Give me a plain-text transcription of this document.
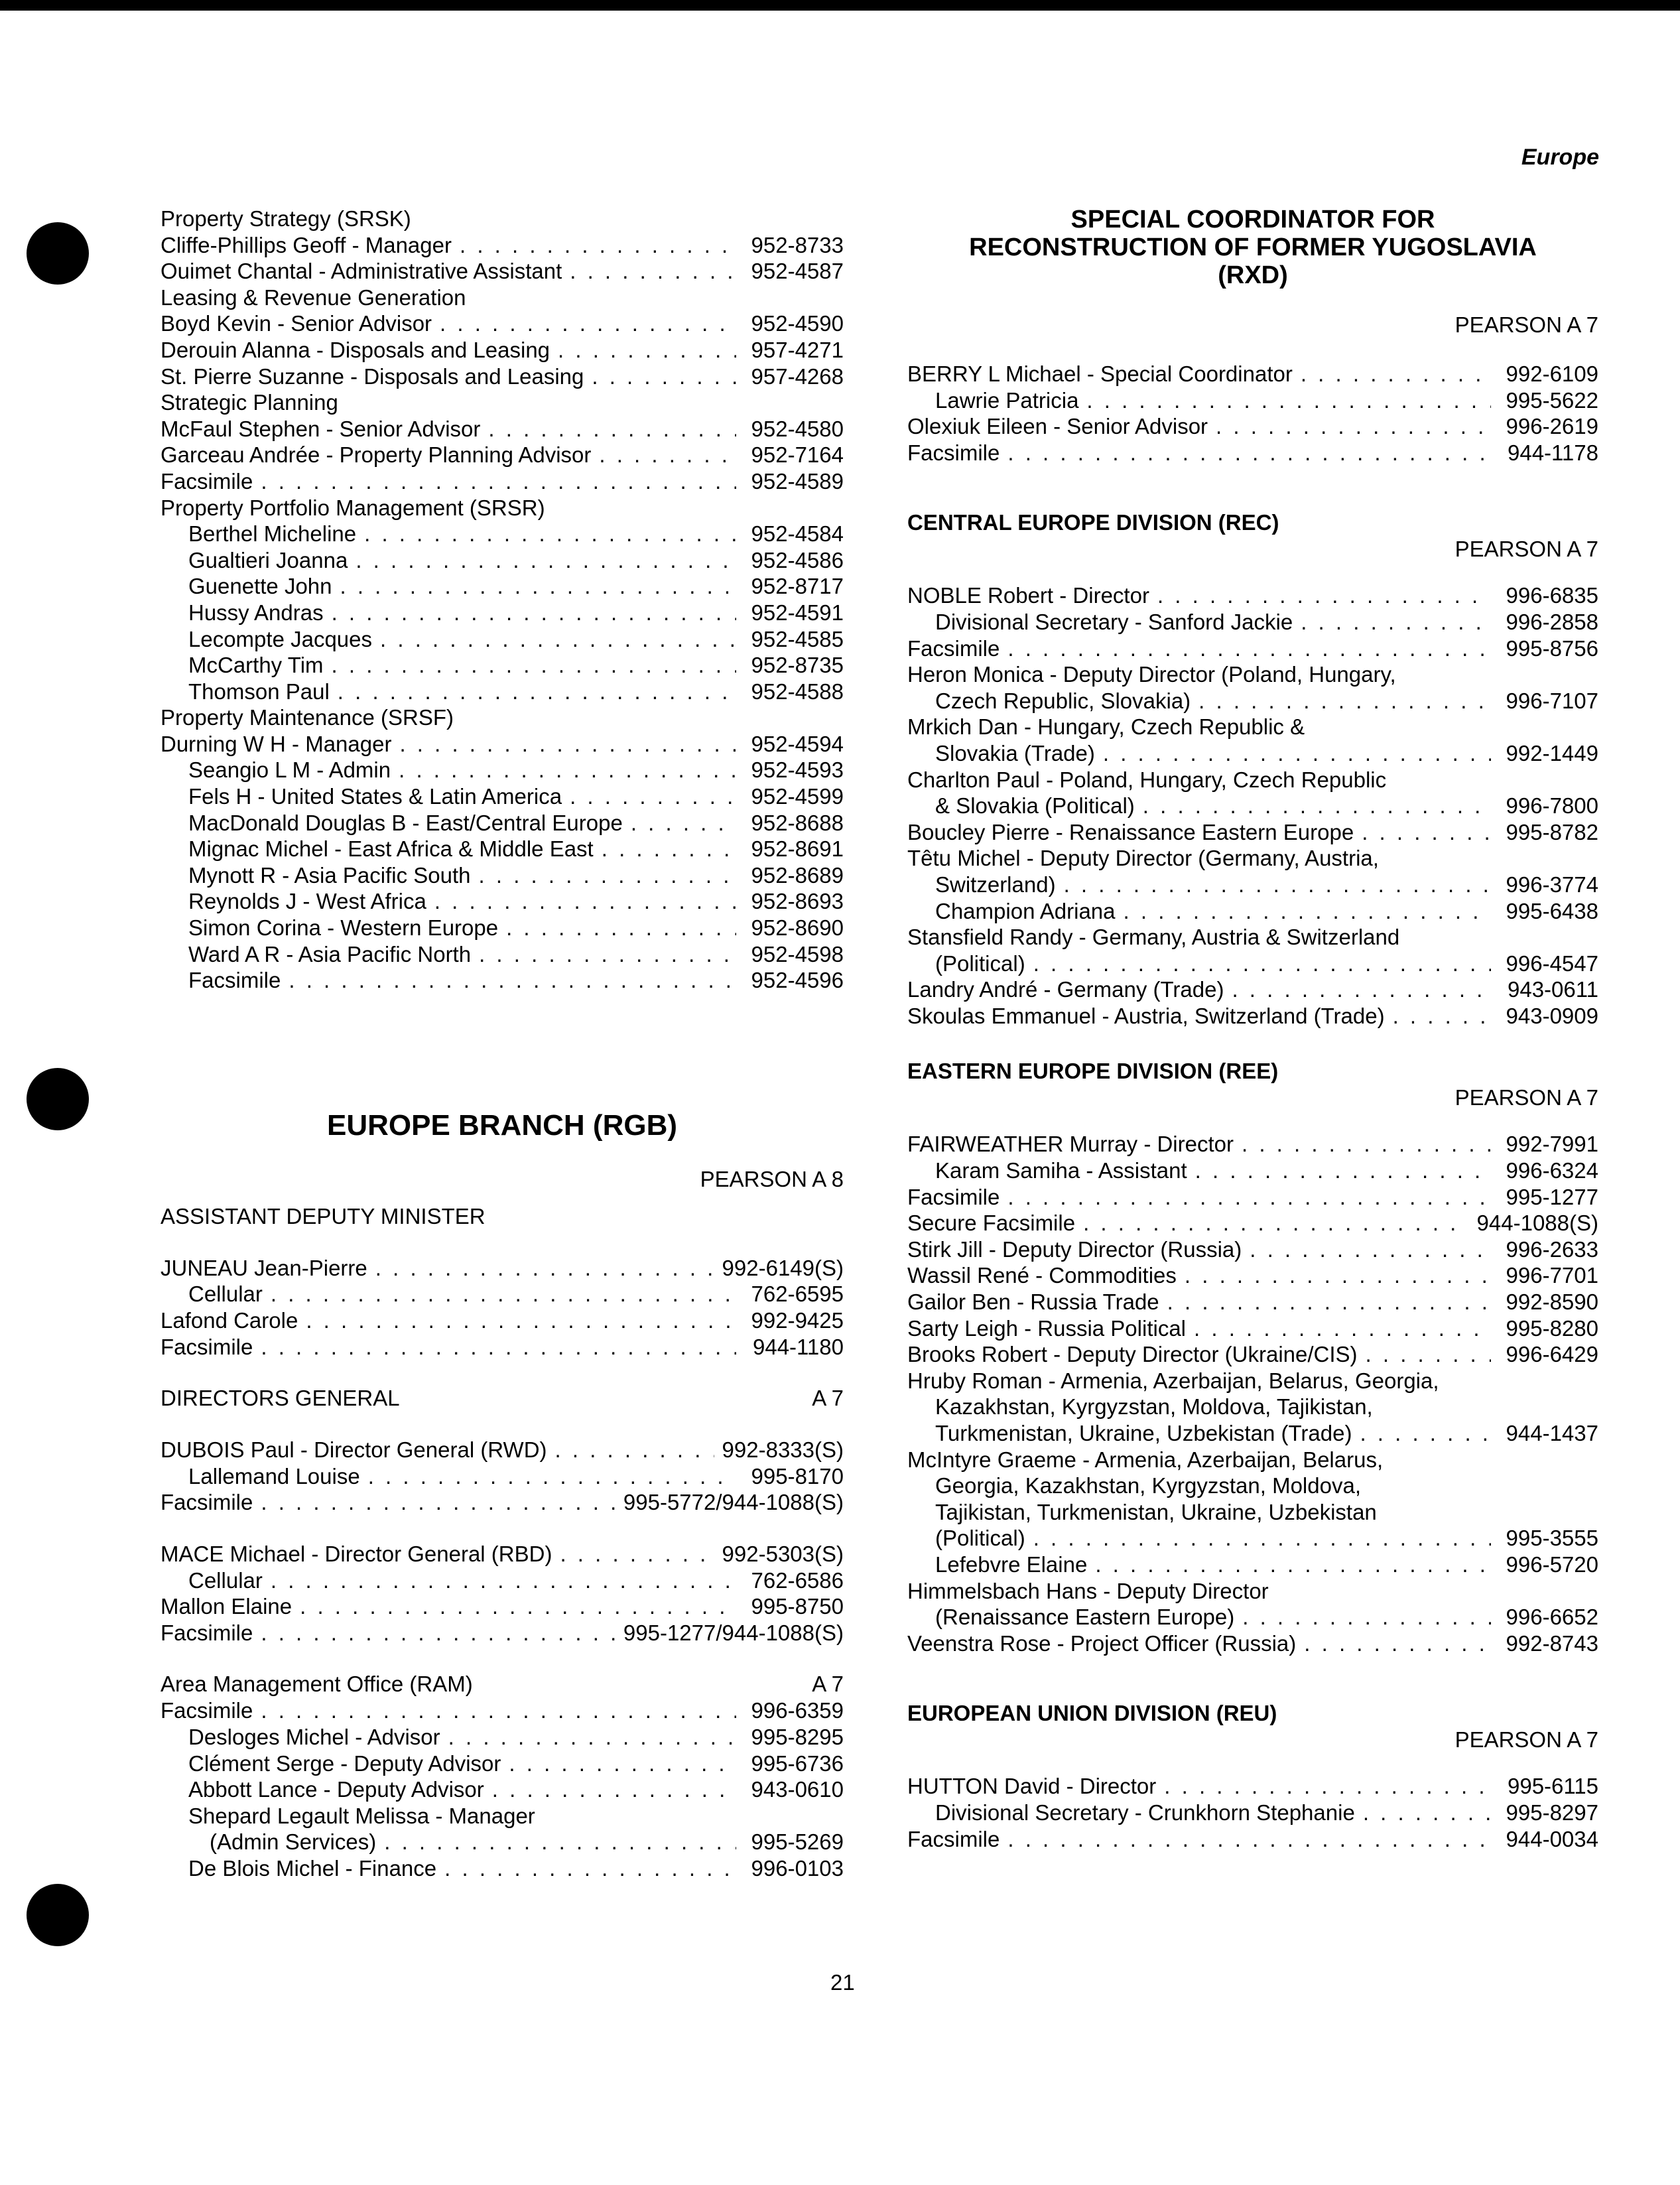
Europe
Property Strategy (SRSK)
Cliffe-Phillips Geoff - Manager . . .	952-8733
Ouimet Chantal - Administrative Assistant . . .	952-4587
Leasing & Revenue Generation
Boyd Kevin - Senior Advisor . . .	952-4590
Derouin Alanna - Disposals and Leasing . . .	957-4271
St. Pierre Suzanne - Disposals and Leasing . . .	957-4268
Strategic Planning
McFaul Stephen - Senior Advisor . . .	952-4580
Garceau Andrée - Property Planning Advisor . . .	952-7164
Facsimile . . .	952-4589
Property Portfolio Management (SRSR)
Berthel Micheline . . .	952-4584
Gualtieri Joanna . . .	952-4586
Guenette John . . .	952-8717
Hussy Andras . . .	952-4591
Lecompte Jacques . . .	952-4585
McCarthy Tim . . .	952-8735
Thomson Paul . . .	952-4588
Property Maintenance (SRSF)
Durning W H - Manager . . .	952-4594
Seangio L M - Admin . . .	952-4593
Fels H - United States & Latin America . . .	952-4599
MacDonald Douglas B - East/Central Europe . . .	952-8688
Mignac Michel - East Africa & Middle East . . .	952-8691
Mynott R - Asia Pacific South . . .	952-8689
Reynolds J - West Africa . . .	952-8693
Simon Corina - Western Europe . . .	952-8690
Ward A R - Asia Pacific North . . .	952-4598
Facsimile . . .	952-4596
EUROPE BRANCH (RGB)
PEARSON A 8
ASSISTANT DEPUTY MINISTER
JUNEAU Jean-Pierre . . .	992-6149(S)
Cellular . . .	762-6595
Lafond Carole . . .	992-9425
Facsimile . . .	944-1180
DIRECTORS GENERAL	A 7
DUBOIS Paul - Director General (RWD) . . .	992-8333(S)
Lallemand Louise . . .	995-8170
Facsimile . . .	995-5772/944-1088(S)
MACE Michael - Director General (RBD) . . .	992-5303(S)
Cellular . . .	762-6586
Mallon Elaine . . .	995-8750
Facsimile . . .	995-1277/944-1088(S)
Area Management Office (RAM)	A 7
Facsimile . . .	996-6359
Desloges Michel - Advisor . . .	995-8295
Clément Serge - Deputy Advisor . . .	995-6736
Abbott Lance - Deputy Advisor . . .	943-0610
Shepard Legault Melissa - Manager
(Admin Services) . . .	995-5269
De Blois Michel - Finance . . .	996-0103
SPECIAL COORDINATOR FOR
RECONSTRUCTION OF FORMER YUGOSLAVIA
(RXD)
PEARSON A 7
BERRY L Michael - Special Coordinator . . .	992-6109
Lawrie Patricia . . .	995-5622
Olexiuk Eileen - Senior Advisor . . .	996-2619
Facsimile . . .	944-1178
CENTRAL EUROPE DIVISION (REC)
PEARSON A 7
NOBLE Robert - Director . . .	996-6835
Divisional Secretary - Sanford Jackie . . .	996-2858
Facsimile . . .	995-8756
Heron Monica - Deputy Director (Poland, Hungary,
Czech Republic, Slovakia) . . .	996-7107
Mrkich Dan - Hungary, Czech Republic &
Slovakia (Trade) . . .	992-1449
Charlton Paul - Poland, Hungary, Czech Republic
& Slovakia (Political) . . .	996-7800
Boucley Pierre - Renaissance Eastern Europe . . .	995-8782
Têtu Michel - Deputy Director (Germany, Austria,
Switzerland) . . .	996-3774
Champion Adriana . . .	995-6438
Stansfield Randy - Germany, Austria & Switzerland
(Political) . . .	996-4547
Landry André - Germany (Trade) . . .	943-0611
Skoulas Emmanuel - Austria, Switzerland (Trade) . . .	943-0909
EASTERN EUROPE DIVISION (REE)
PEARSON A 7
FAIRWEATHER Murray - Director . . .	992-7991
Karam Samiha - Assistant . . .	996-6324
Facsimile . . .	995-1277
Secure Facsimile . . .	944-1088(S)
Stirk Jill - Deputy Director (Russia) . . .	996-2633
Wassil René - Commodities . . .	996-7701
Gailor Ben - Russia Trade . . .	992-8590
Sarty Leigh - Russia Political . . .	995-8280
Brooks Robert - Deputy Director (Ukraine/CIS) . . .	996-6429
Hruby Roman - Armenia, Azerbaijan, Belarus, Georgia,
Kazakhstan, Kyrgyzstan, Moldova, Tajikistan,
Turkmenistan, Ukraine, Uzbekistan (Trade) . . .	944-1437
McIntyre Graeme - Armenia, Azerbaijan, Belarus,
Georgia, Kazakhstan, Kyrgyzstan, Moldova,
Tajikistan, Turkmenistan, Ukraine, Uzbekistan
(Political) . . .	995-3555
Lefebvre Elaine . . .	996-5720
Himmelsbach Hans - Deputy Director
(Renaissance Eastern Europe) . . .	996-6652
Veenstra Rose - Project Officer (Russia) . . .	992-8743
EUROPEAN UNION DIVISION (REU)
PEARSON A 7
HUTTON David - Director . . .	995-6115
Divisional Secretary - Crunkhorn Stephanie . . .	995-8297
Facsimile . . .	944-0034
21
